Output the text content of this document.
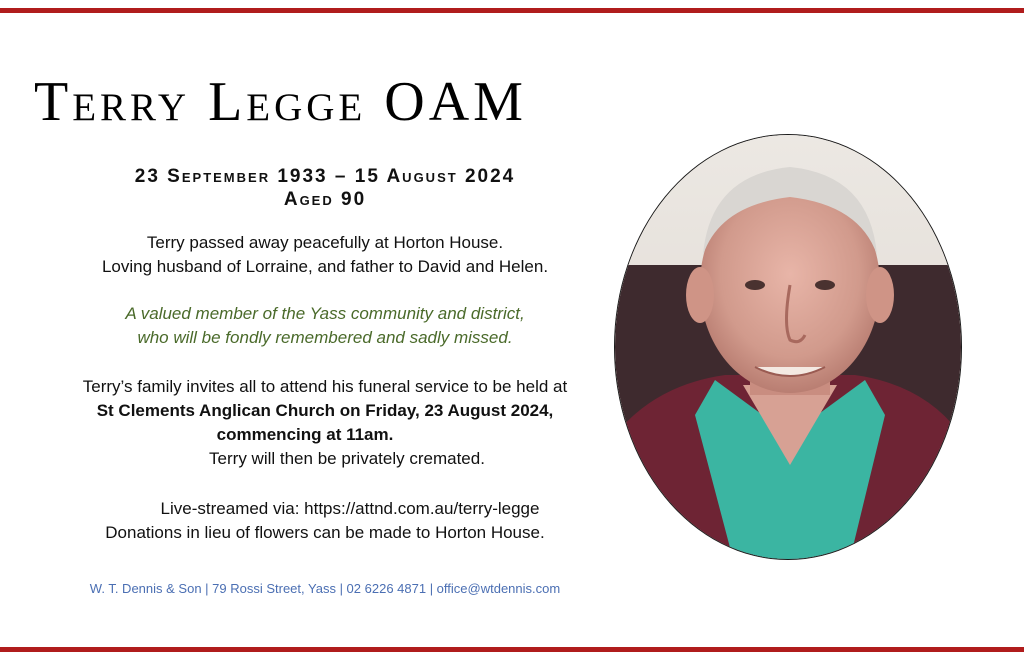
Terry Legge OAM
23 September 1933 – 15 August 2024
Aged 90
Terry passed away peacefully at Horton House.
Loving husband of Lorraine, and father to David and Helen.
A valued member of the Yass community and district,
who will be fondly remembered and sadly missed.
Terry’s family invites all to attend his funeral service to be held at
St Clements Anglican Church on Friday, 23 August 2024,
commencing at 11am.
Terry will then be privately cremated.
Live-streamed via: https://attnd.com.au/terry-legge
Donations in lieu of flowers can be made to Horton House.
W. T. Dennis & Son | 79 Rossi Street, Yass | 02 6226 4871 | office@wtdennis.com
